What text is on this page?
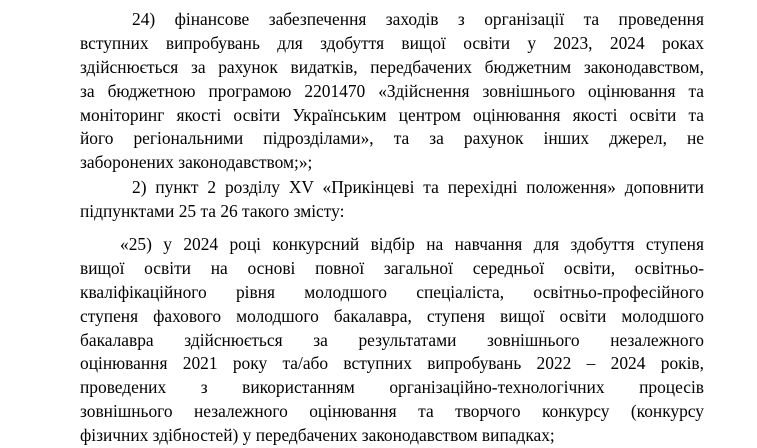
24) фінансове забезпечення заходів з організації та проведення
вступних випробувань для здобуття вищої освіти у 2023, 2024 роках
здійснюється за рахунок видатків, передбачених бюджетним законодавством,
за бюджетною програмою 2201470 «Здійснення зовнішнього оцінювання та
моніторинг якості освіти Українським центром оцінювання якості освіти та
його регіональними підрозділами», та за рахунок інших джерел, не
заборонених законодавством;»;
2) пункт 2 розділу XV «Прикінцеві та перехідні положення» доповнити
підпунктами 25 та 26 такого змісту:
«25) у 2024 році конкурсний відбір на навчання для здобуття ступеня
вищої освіти на основі повної загальної середньої освіти, освітньо-
кваліфікаційного рівня молодшого спеціаліста, освітньо-професійного
ступеня фахового молодшого бакалавра, ступеня вищої освіти молодшого
бакалавра здійснюється за результатами зовнішнього незалежного
оцінювання 2021 року та/або вступних випробувань 2022 – 2024 років,
проведених з використанням організаційно-технологічних процесів
зовнішнього незалежного оцінювання та творчого конкурсу (конкурсу
фізичних здібностей) у передбачених законодавством випадках;
